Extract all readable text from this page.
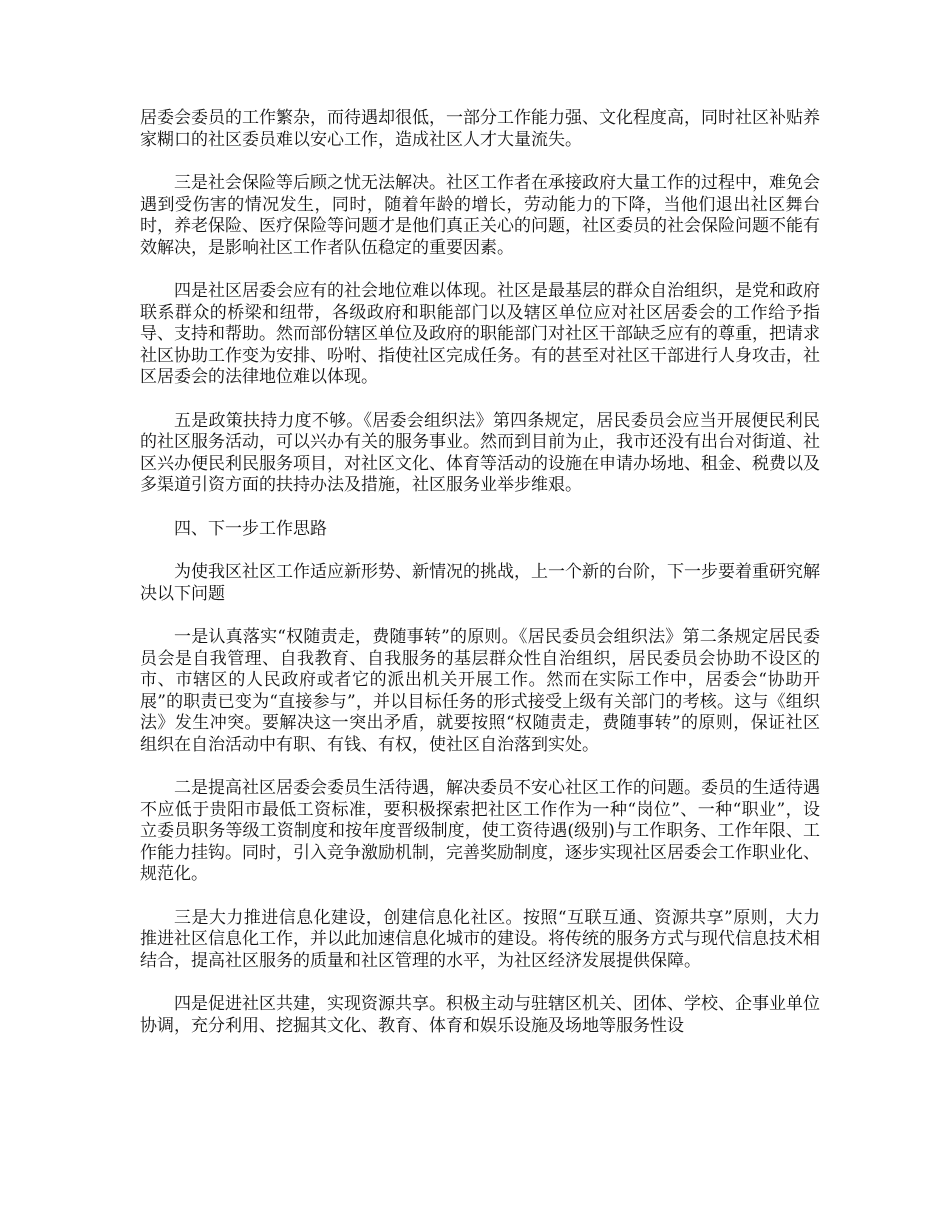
居委会委员的工作繁杂，而待遇却很低，一部分工作能力强、文化程度高，同时社区补贴养家糊口的社区委员难以安心工作，造成社区人才大量流失。

三是社会保险等后顾之忧无法解决。社区工作者在承接政府大量工作的过程中，难免会遇到受伤害的情况发生，同时，随着年龄的增长，劳动能力的下降，当他们退出社区舞台时，养老保险、医疗保险等问题才是他们真正关心的问题，社区委员的社会保险问题不能有效解决，是影响社区工作者队伍稳定的重要因素。

四是社区居委会应有的社会地位难以体现。社区是最基层的群众自治组织，是党和政府联系群众的桥梁和纽带，各级政府和职能部门以及辖区单位应对社区居委会的工作给予指导、支持和帮助。然而部份辖区单位及政府的职能部门对社区干部缺乏应有的尊重，把请求社区协助工作变为安排、吩咐、指使社区完成任务。有的甚至对社区干部进行人身攻击，社区居委会的法律地位难以体现。

五是政策扶持力度不够。《居委会组织法》第四条规定，居民委员会应当开展便民利民的社区服务活动，可以兴办有关的服务事业。然而到目前为止，我市还没有出台对街道、社区兴办便民利民服务项目，对社区文化、体育等活动的设施在申请办场地、租金、税费以及多渠道引资方面的扶持办法及措施，社区服务业举步维艰。

四、下一步工作思路

为使我区社区工作适应新形势、新情况的挑战，上一个新的台阶，下一步要着重研究解决以下问题

一是认真落实“权随责走，费随事转”的原则。《居民委员会组织法》第二条规定居民委员会是自我管理、自我教育、自我服务的基层群众性自治组织，居民委员会协助不设区的市、市辖区的人民政府或者它的派出机关开展工作。然而在实际工作中，居委会“协助开展”的职责已变为“直接参与”，并以目标任务的形式接受上级有关部门的考核。这与《组织法》发生冲突。要解决这一突出矛盾，就要按照“权随责走，费随事转”的原则，保证社区组织在自治活动中有职、有钱、有权，使社区自治落到实处。

二是提高社区居委会委员生活待遇，解决委员不安心社区工作的问题。委员的生适待遇不应低于贵阳市最低工资标准，要积极探索把社区工作作为一种“岗位”、一种“职业”，设立委员职务等级工资制度和按年度晋级制度，使工资待遇(级别)与工作职务、工作年限、工作能力挂钩。同时，引入竞争激励机制，完善奖励制度，逐步实现社区居委会工作职业化、规范化。

三是大力推进信息化建设，创建信息化社区。按照“互联互通、资源共享”原则，大力推进社区信息化工作，并以此加速信息化城市的建设。将传统的服务方式与现代信息技术相结合，提高社区服务的质量和社区管理的水平，为社区经济发展提供保障。

四是促进社区共建，实现资源共享。积极主动与驻辖区机关、团体、学校、企事业单位协调，充分利用、挖掘其文化、教育、体育和娱乐设施及场地等服务性设
